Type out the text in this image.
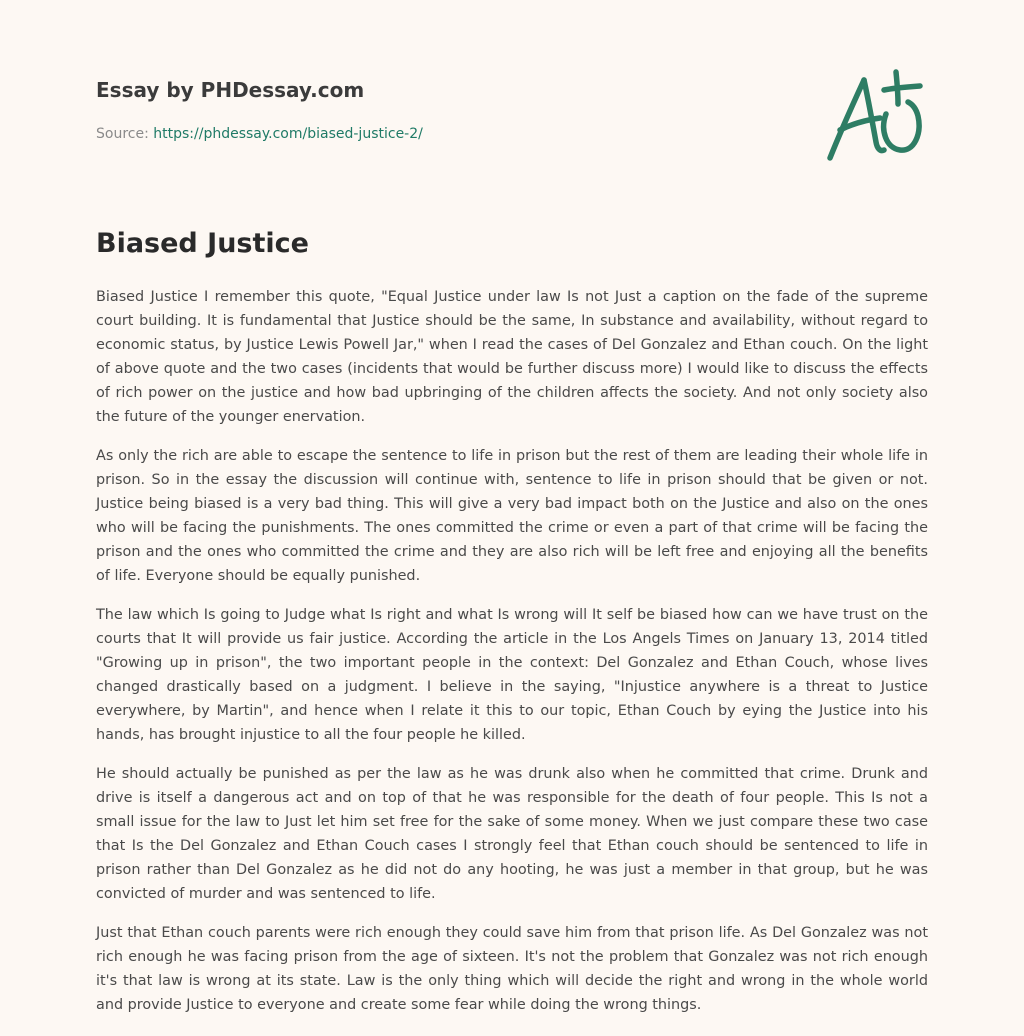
Essay by PHDessay.com
Source: https://phdessay.com/biased-justice-2/
Biased Justice

Biased Justice I remember this quote, "Equal Justice under law Is not Just a caption on the fade of the supreme court building. It is fundamental that Justice should be the same, In substance and availability, without regard to economic status, by Justice Lewis Powell Jar," when I read the cases of Del Gonzalez and Ethan couch. On the light of above quote and the two cases (incidents that would be further discuss more) I would like to discuss the effects of rich power on the justice and how bad upbringing of the children affects the society. And not only society also the future of the younger enervation.

As only the rich are able to escape the sentence to life in prison but the rest of them are leading their whole life in prison. So in the essay the discussion will continue with, sentence to life in prison should that be given or not. Justice being biased is a very bad thing. This will give a very bad impact both on the Justice and also on the ones who will be facing the punishments. The ones committed the crime or even a part of that crime will be facing the prison and the ones who committed the crime and they are also rich will be left free and enjoying all the benefits of life. Everyone should be equally punished.

The law which Is going to Judge what Is right and what Is wrong will It self be biased how can we have trust on the courts that It will provide us fair justice. According the article in the Los Angels Times on January 13, 2014 titled "Growing up in prison", the two important people in the context: Del Gonzalez and Ethan Couch, whose lives changed drastically based on a judgment. I believe in the saying, "Injustice anywhere is a threat to Justice everywhere, by Martin", and hence when I relate it this to our topic, Ethan Couch by eying the Justice into his hands, has brought injustice to all the four people he killed.

He should actually be punished as per the law as he was drunk also when he committed that crime. Drunk and drive is itself a dangerous act and on top of that he was responsible for the death of four people. This Is not a small issue for the law to Just let him set free for the sake of some money. When we just compare these two case that Is the Del Gonzalez and Ethan Couch cases I strongly feel that Ethan couch should be sentenced to life in prison rather than Del Gonzalez as he did not do any hooting, he was just a member in that group, but he was convicted of murder and was sentenced to life.

Just that Ethan couch parents were rich enough they could save him from that prison life. As Del Gonzalez was not rich enough he was facing prison from the age of sixteen. It's not the problem that Gonzalez was not rich enough it's that law is wrong at its state. Law is the only thing which will decide the right and wrong in the whole world and provide Justice to everyone and create some fear while doing the wrong things.
